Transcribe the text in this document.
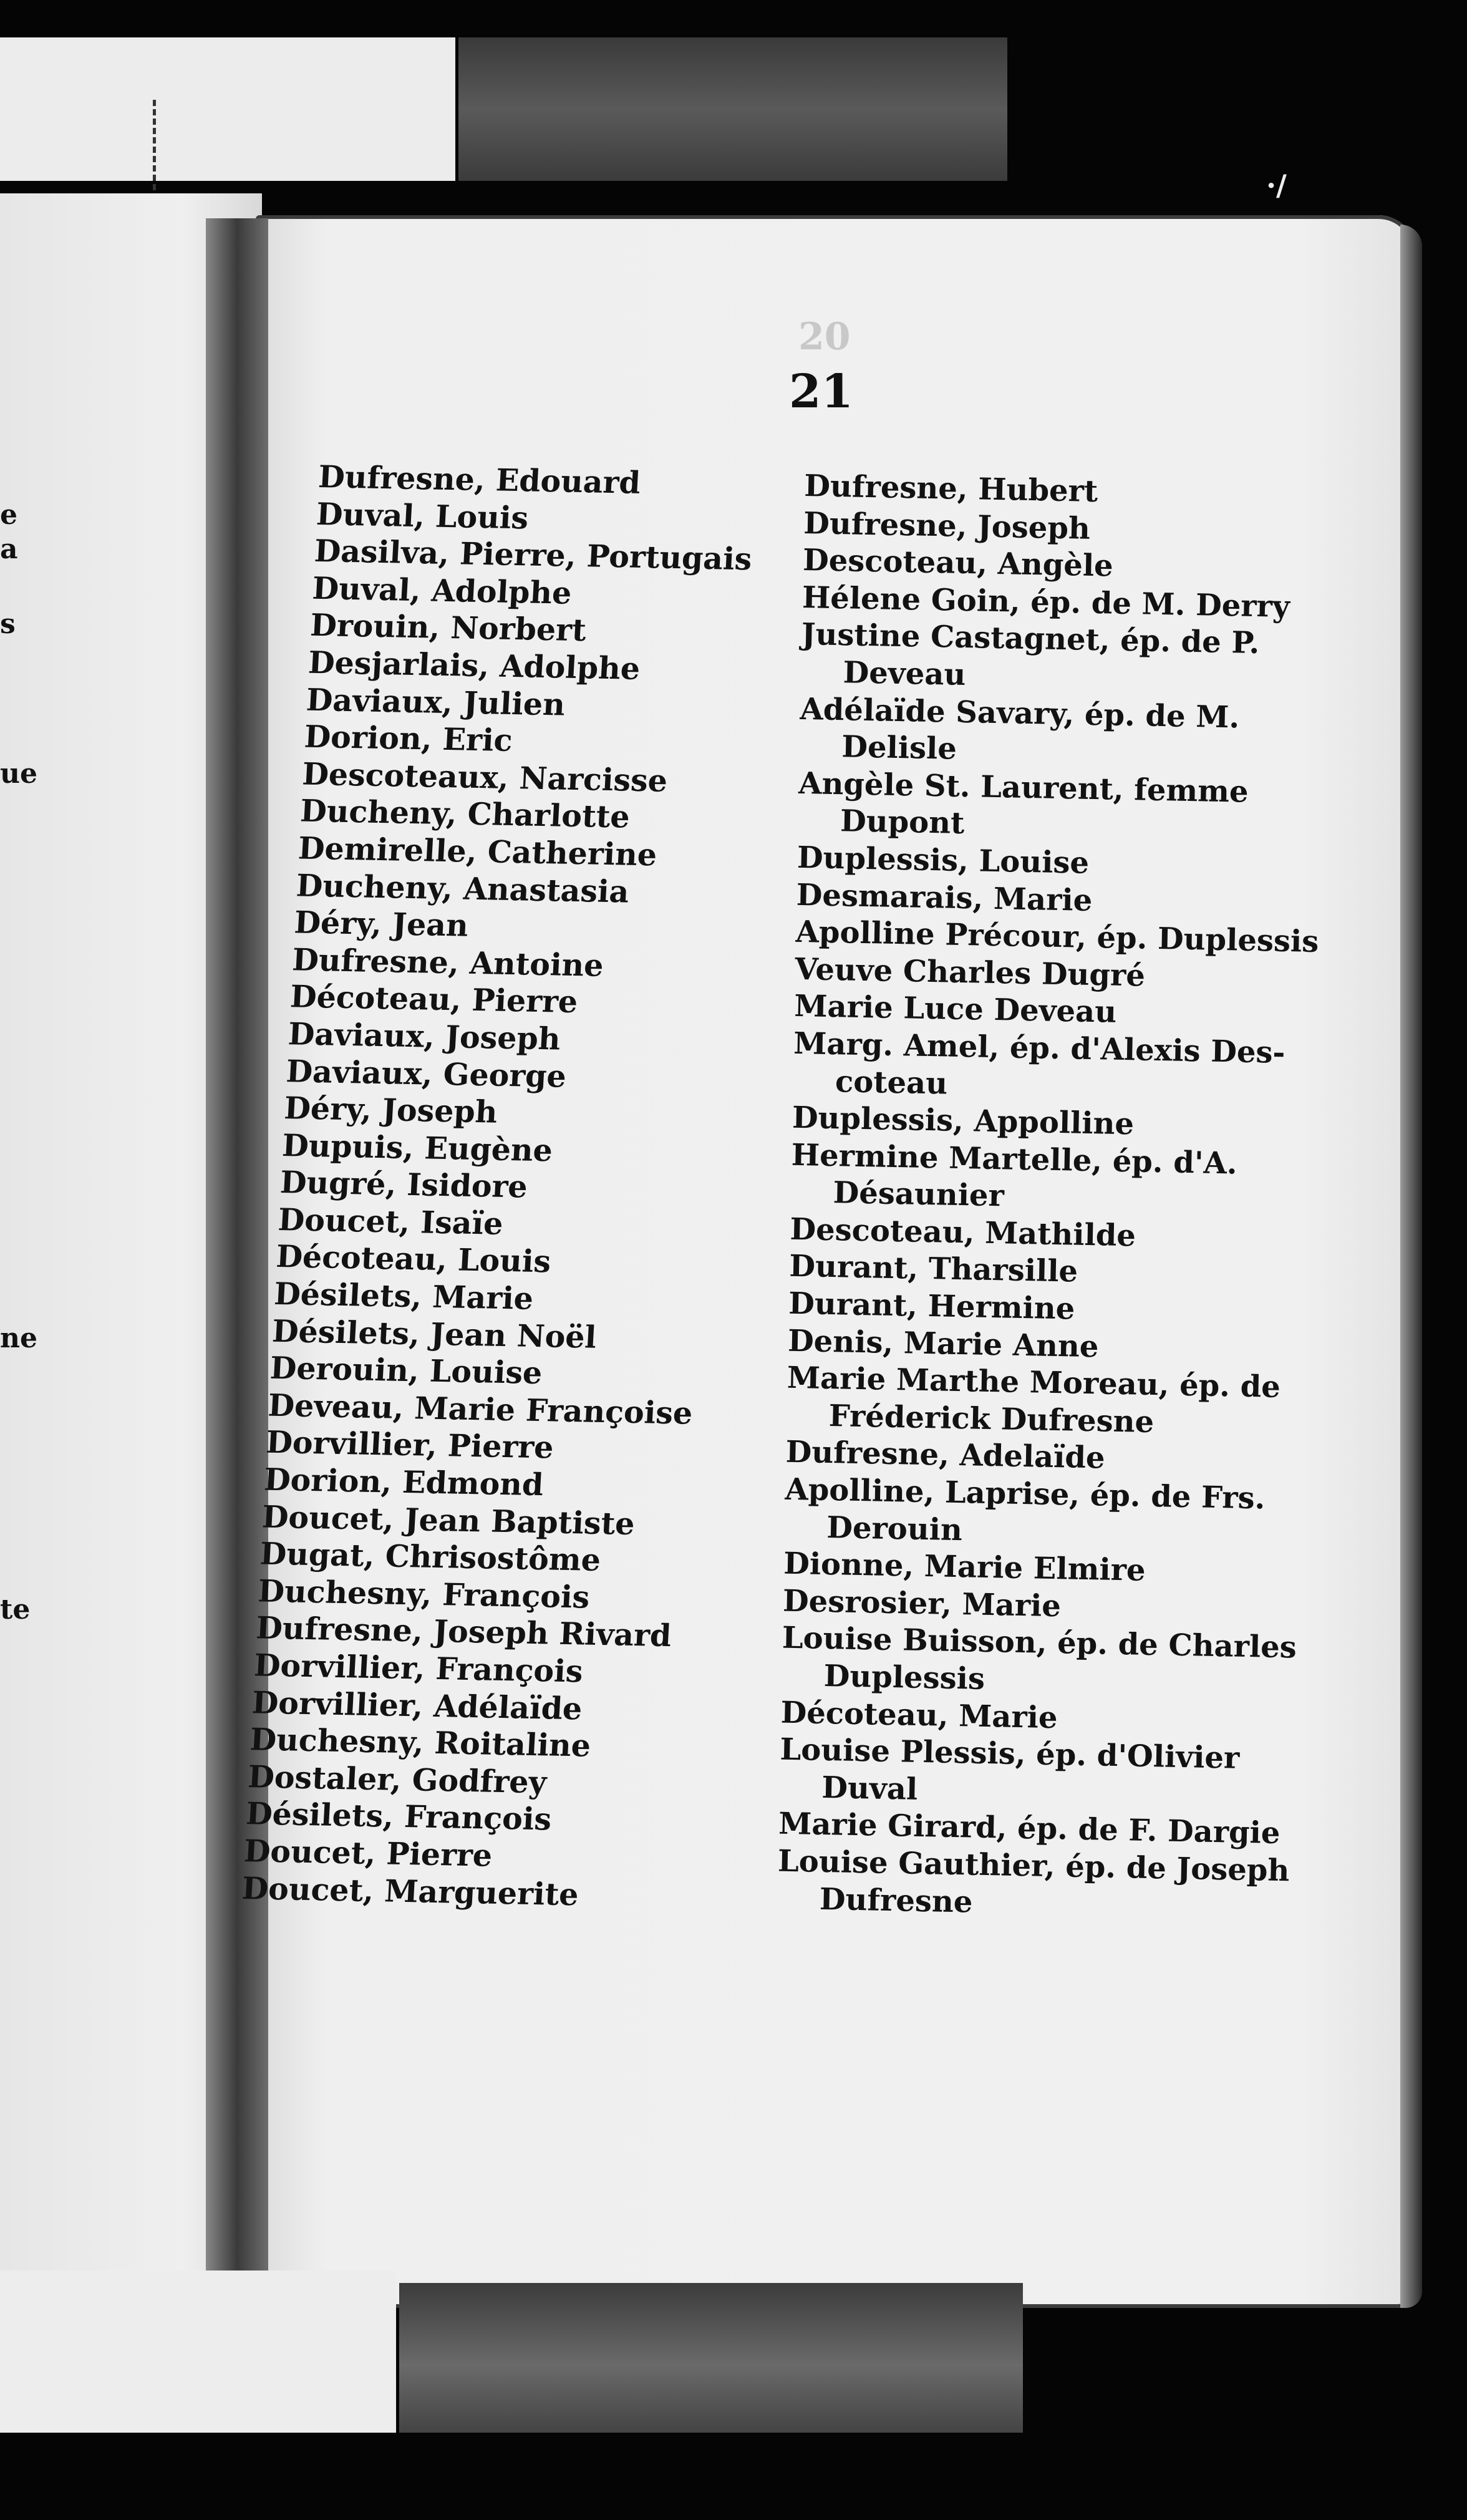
·∕
e
a
s
ue
ne
te
20
21
Dufresne, Edouard
Duval, Louis
Dasilva, Pierre, Portugais
Duval, Adolphe
Drouin, Norbert
Desjarlais, Adolphe
Daviaux, Julien
Dorion, Eric
Descoteaux, Narcisse
Ducheny, Charlotte
Demirelle, Catherine
Ducheny, Anastasia
Déry, Jean
Dufresne, Antoine
Décoteau, Pierre
Daviaux, Joseph
Daviaux, George
Déry, Joseph
Dupuis, Eugène
Dugré, Isidore
Doucet, Isaïe
Décoteau, Louis
Désilets, Marie
Désilets, Jean Noël
Derouin, Louise
Deveau, Marie Françoise
Dorvillier, Pierre
Dorion, Edmond
Doucet, Jean Baptiste
Dugat, Chrisostôme
Duchesny, François
Dufresne, Joseph Rivard
Dorvillier, François
Dorvillier, Adélaïde
Duchesny, Roitaline
Dostaler, Godfrey
Désilets, François
Doucet, Pierre
Doucet, Marguerite
Dufresne, Hubert
Dufresne, Joseph
Descoteau, Angèle
Hélene Goin, ép. de M. Derry
Justine Castagnet, ép. de P.
Deveau
Adélaïde Savary, ép. de M.
Delisle
Angèle St. Laurent, femme
Dupont
Duplessis, Louise
Desmarais, Marie
Apolline Précour, ép. Duplessis
Veuve Charles Dugré
Marie Luce Deveau
Marg. Amel, ép. d'Alexis Des-
coteau
Duplessis, Appolline
Hermine Martelle, ép. d'A.
Désaunier
Descoteau, Mathilde
Durant, Tharsille
Durant, Hermine
Denis, Marie Anne
Marie Marthe Moreau, ép. de
Fréderick Dufresne
Dufresne, Adelaïde
Apolline, Laprise, ép. de Frs.
Derouin
Dionne, Marie Elmire
Desrosier, Marie
Louise Buisson, ép. de Charles
Duplessis
Décoteau, Marie
Louise Plessis, ép. d'Olivier
Duval
Marie Girard, ép. de F. Dargie
Louise Gauthier, ép. de Joseph
Dufresne
